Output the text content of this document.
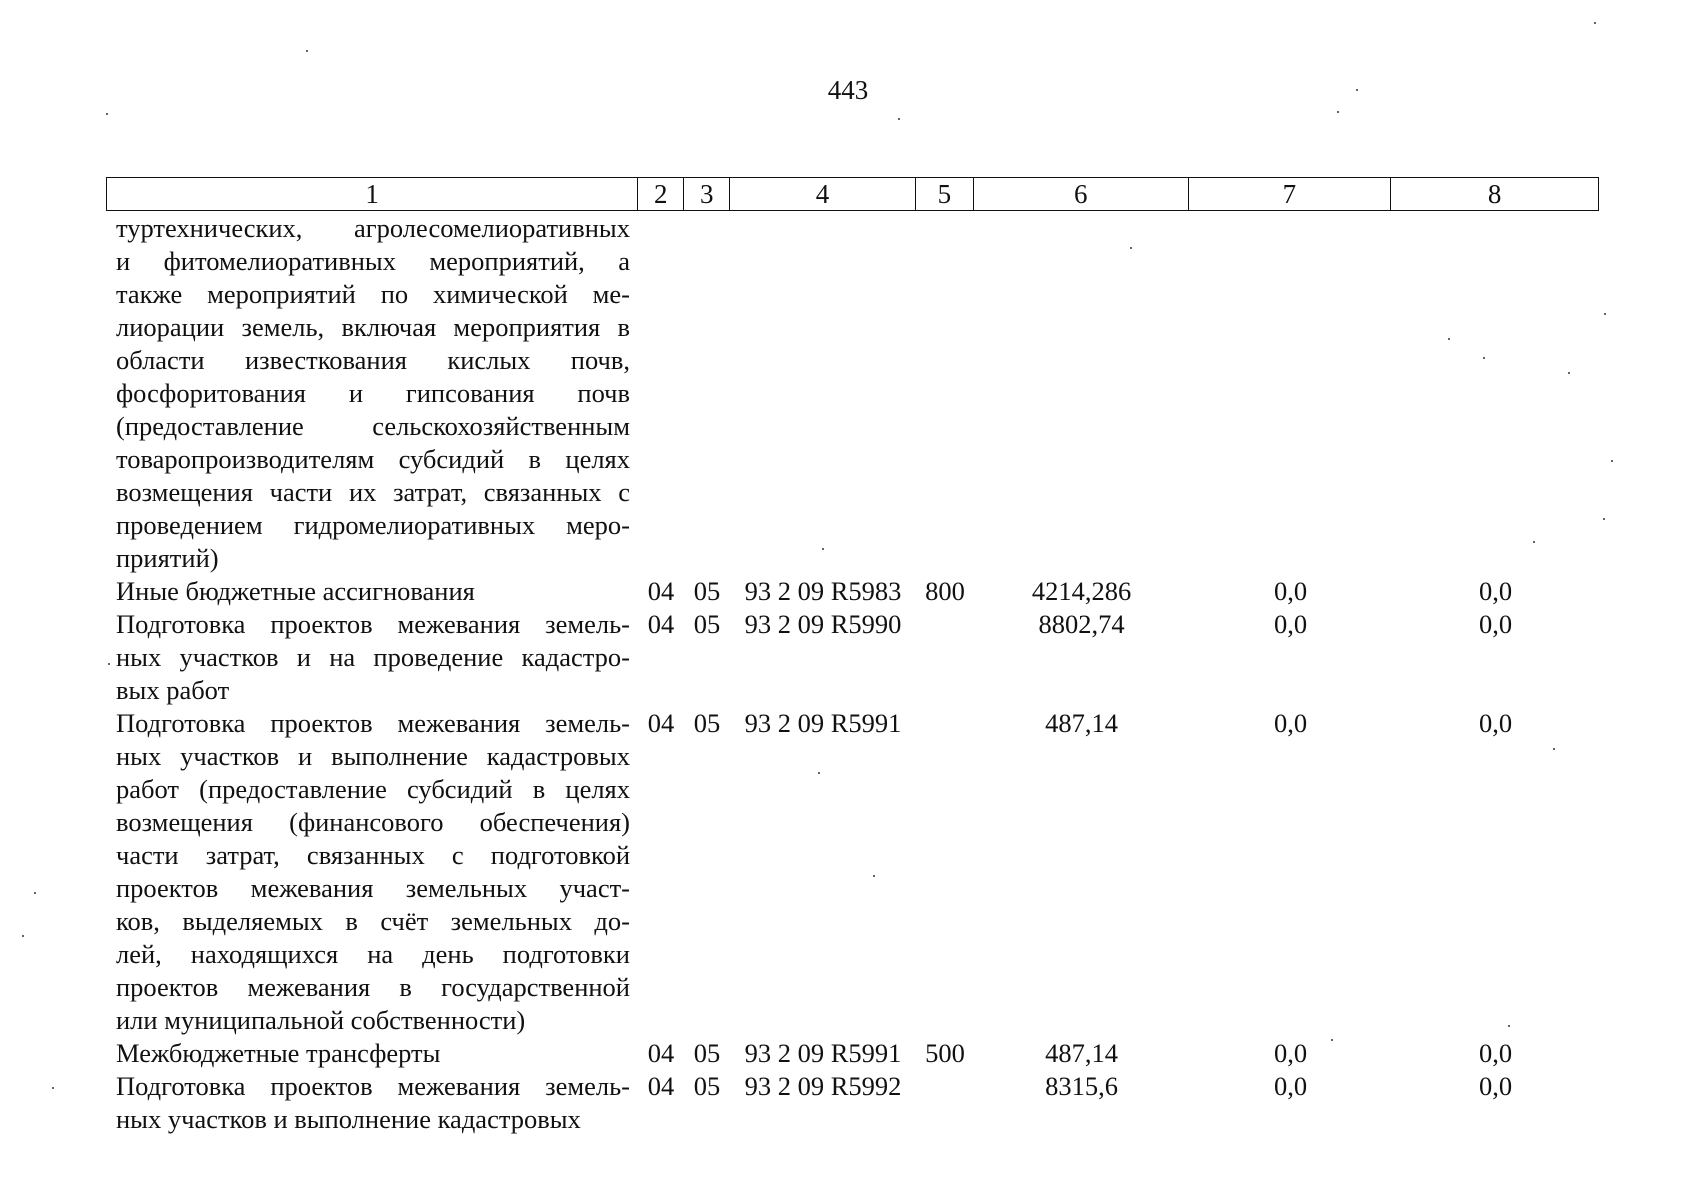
443
1	2	3	4	5	6	7	8
туртехнических, агролесомелиоративных
и фитомелиоративных мероприятий, а
также мероприятий по химической ме-
лиорации земель, включая мероприятия в
области известкования кислых почв,
фосфоритования и гипсования почв
(предоставление сельскохозяйственным
товаропроизводителям субсидий в целях
возмещения части их затрат, связанных с
проведением гидромелиоративных меро-
приятий)
Иные бюджетные ассигнования	04 05 93 2 09 R5983 800	4214,286	0,0	0,0
Подготовка проектов межевания земель-
ных участков и на проведение кадастро-
вых работ
04 05 93 2 09 R5990	8802,74	0,0	0,0
Подготовка проектов межевания земель-
ных участков и выполнение кадастровых
работ (предоставление субсидий в целях
возмещения (финансового обеспечения)
части затрат, связанных с подготовкой
проектов межевания земельных участ-
ков, выделяемых в счёт земельных до-
лей, находящихся на день подготовки
проектов межевания в государственной
или муниципальной собственности)
04 05 93 2 09 R5991	487,14	0,0	0,0
Межбюджетные трансферты	04 05 93 2 09 R5991 500	487,14	0,0	0,0
Подготовка проектов межевания земель-
ных участков и выполнение кадастровых
04 05 93 2 09 R5992	8315,6	0,0	0,0
